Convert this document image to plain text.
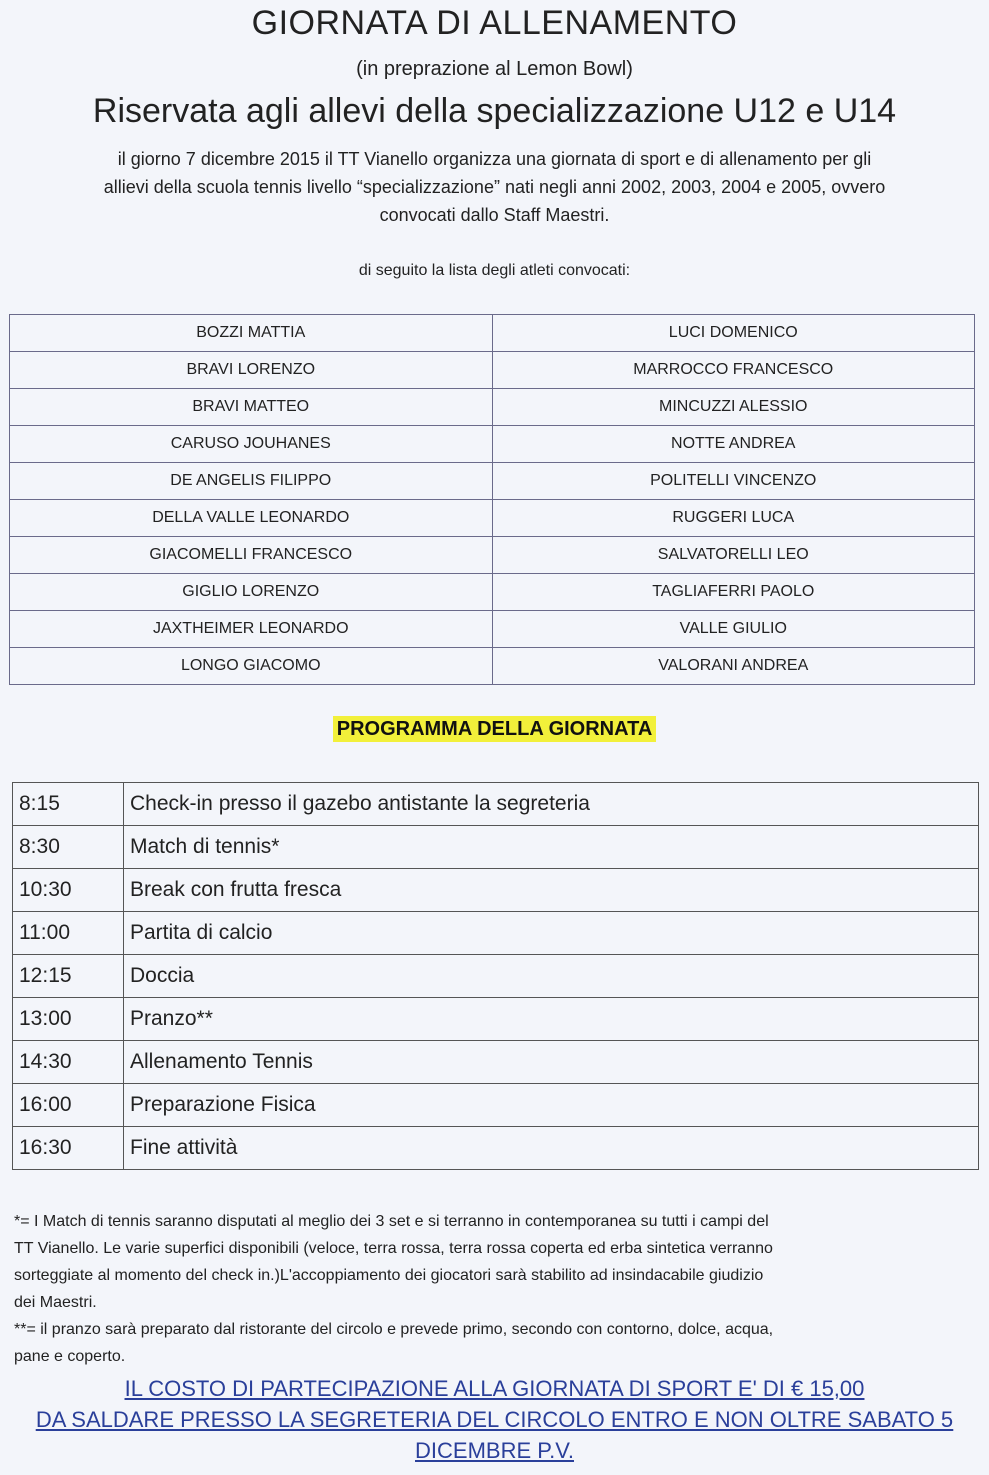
GIORNATA DI ALLENAMENTO
(in preprazione al Lemon Bowl)
Riservata agli allevi della specializzazione U12 e U14
il giorno 7 dicembre 2015 il TT Vianello organizza una giornata di sport e di allenamento per gli
allievi della scuola tennis livello “specializzazione” nati negli anni 2002, 2003, 2004 e 2005, ovvero
convocati dallo Staff Maestri.
di seguito la lista degli atleti convocati:
BOZZI MATTIA	LUCI DOMENICO
BRAVI LORENZO	MARROCCO FRANCESCO
BRAVI MATTEO	MINCUZZI ALESSIO
CARUSO JOUHANES	NOTTE ANDREA
DE ANGELIS FILIPPO	POLITELLI VINCENZO
DELLA VALLE LEONARDO	RUGGERI LUCA
GIACOMELLI FRANCESCO	SALVATORELLI LEO
GIGLIO LORENZO	TAGLIAFERRI PAOLO
JAXTHEIMER LEONARDO	VALLE GIULIO
LONGO GIACOMO	VALORANI ANDREA
PROGRAMMA DELLA GIORNATA
8:15	Check-in presso il gazebo antistante la segreteria
8:30	Match di tennis*
10:30	Break con frutta fresca
11:00	Partita di calcio
12:15	Doccia
13:00	Pranzo**
14:30	Allenamento Tennis
16:00	Preparazione Fisica
16:30	Fine attività

*= I Match di tennis saranno disputati al meglio dei 3 set e si terranno in contemporanea su tutti i campi del

TT Vianello. Le varie superfici disponibili (veloce, terra rossa, terra rossa coperta ed erba sintetica verranno

sorteggiate al momento del check in.)L'accoppiamento dei giocatori sarà stabilito ad insindacabile giudizio

dei Maestri.

**= il pranzo sarà preparato dal ristorante del circolo e prevede primo, secondo con contorno, dolce, acqua,

pane e coperto.

IL COSTO DI PARTECIPAZIONE ALLA GIORNATA DI SPORT E' DI € 15,00
DA SALDARE PRESSO LA SEGRETERIA DEL CIRCOLO ENTRO E NON OLTRE SABATO 5
DICEMBRE P.V.
